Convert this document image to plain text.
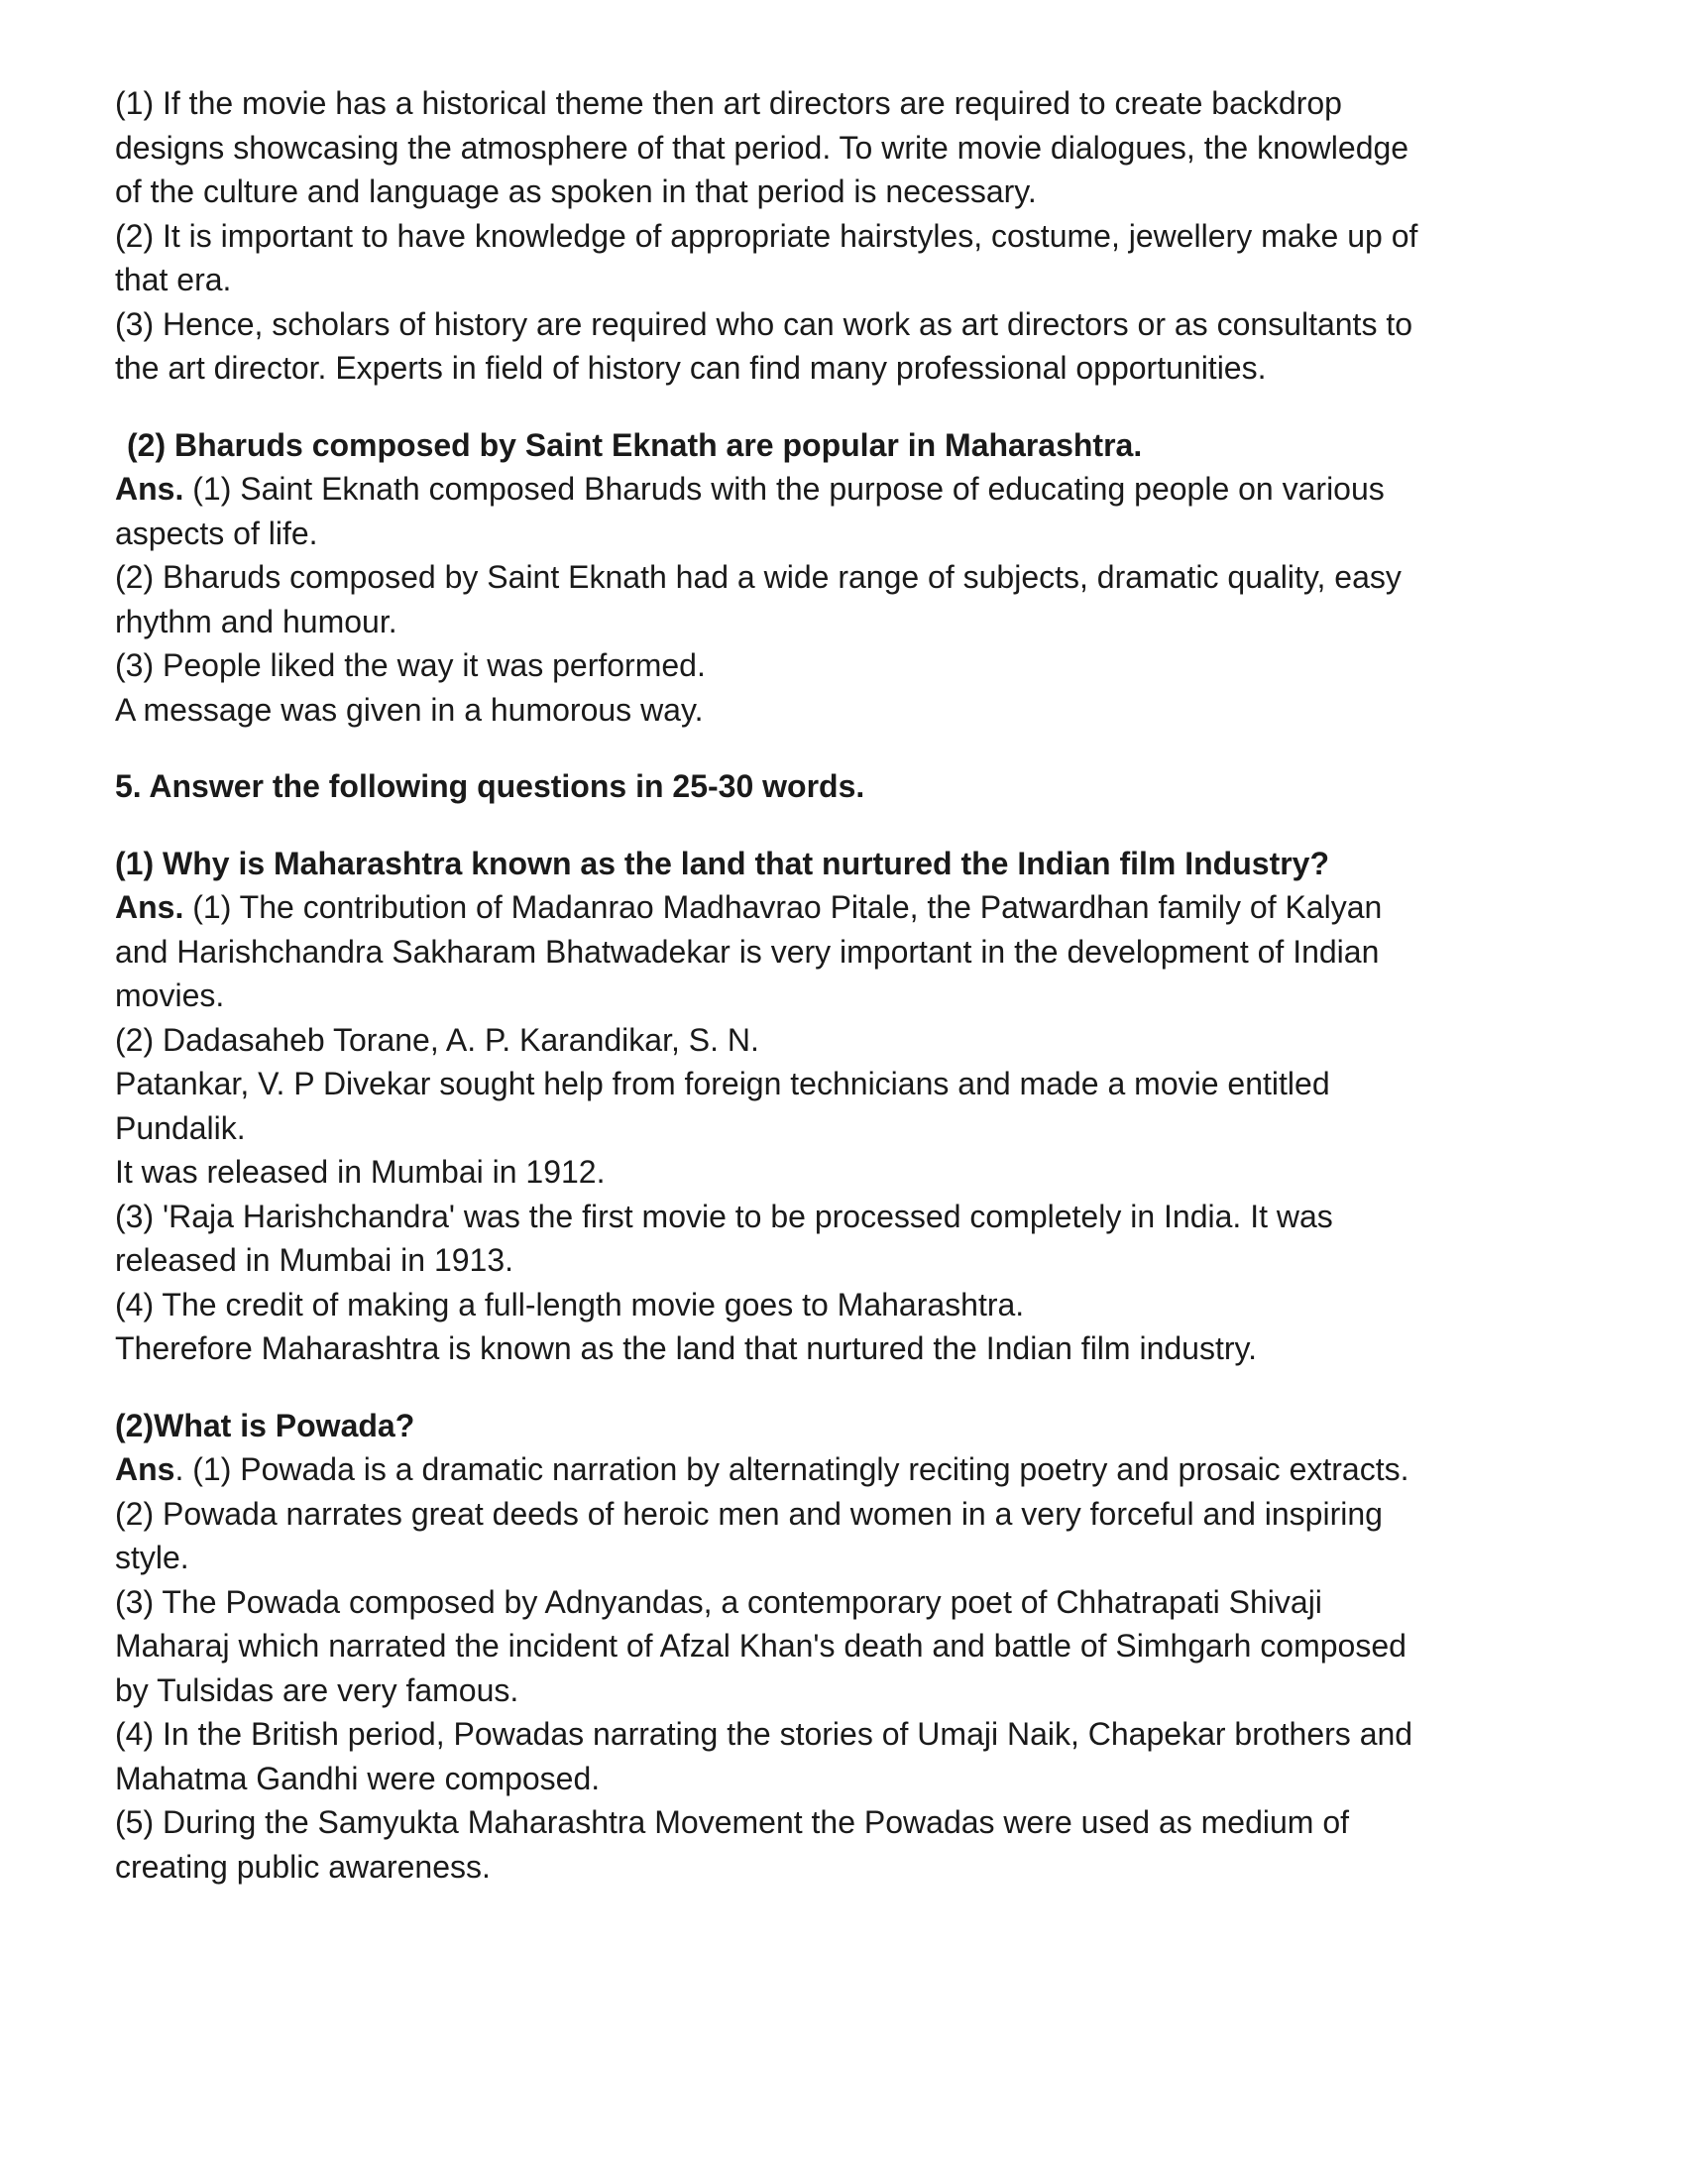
(1) If the movie has a historical theme then art directors are required to create backdrop
designs showcasing the atmosphere of that period. To write movie dialogues, the knowledge
of the culture and language as spoken in that period is necessary.
(2) It is important to have knowledge of appropriate hairstyles, costume, jewellery make up of
that era.
(3) Hence, scholars of history are required who can work as art directors or as consultants to
the art director. Experts in field of history can find many professional opportunities.
(2) Bharuds composed by Saint Eknath are popular in Maharashtra.
Ans. (1) Saint Eknath composed Bharuds with the purpose of educating people on various
aspects of life.
(2) Bharuds composed by Saint Eknath had a wide range of subjects, dramatic quality, easy
rhythm and humour.
(3) People liked the way it was performed.
A message was given in a humorous way.
5. Answer the following questions in 25-30 words.
(1) Why is Maharashtra known as the land that nurtured the Indian film Industry?
Ans. (1) The contribution of Madanrao Madhavrao Pitale, the Patwardhan family of Kalyan
and Harishchandra Sakharam Bhatwadekar is very important in the development of Indian
movies.
(2) Dadasaheb Torane, A. P. Karandikar, S. N.
Patankar, V. P Divekar sought help from foreign technicians and made a movie entitled
Pundalik.
It was released in Mumbai in 1912.
(3) 'Raja Harishchandra' was the first movie to be processed completely in India. It was
released in Mumbai in 1913.
(4) The credit of making a full-length movie goes to Maharashtra.
Therefore Maharashtra is known as the land that nurtured the Indian film industry.
(2)What is Powada?
Ans. (1) Powada is a dramatic narration by alternatingly reciting poetry and prosaic extracts.
(2) Powada narrates great deeds of heroic men and women in a very forceful and inspiring
style.
(3) The Powada composed by Adnyandas, a contemporary poet of Chhatrapati Shivaji
Maharaj which narrated the incident of Afzal Khan's death and battle of Simhgarh composed
by Tulsidas are very famous.
(4) In the British period, Powadas narrating the stories of Umaji Naik, Chapekar brothers and
Mahatma Gandhi were composed.
(5) During the Samyukta Maharashtra Movement the Powadas were used as medium of
creating public awareness.
